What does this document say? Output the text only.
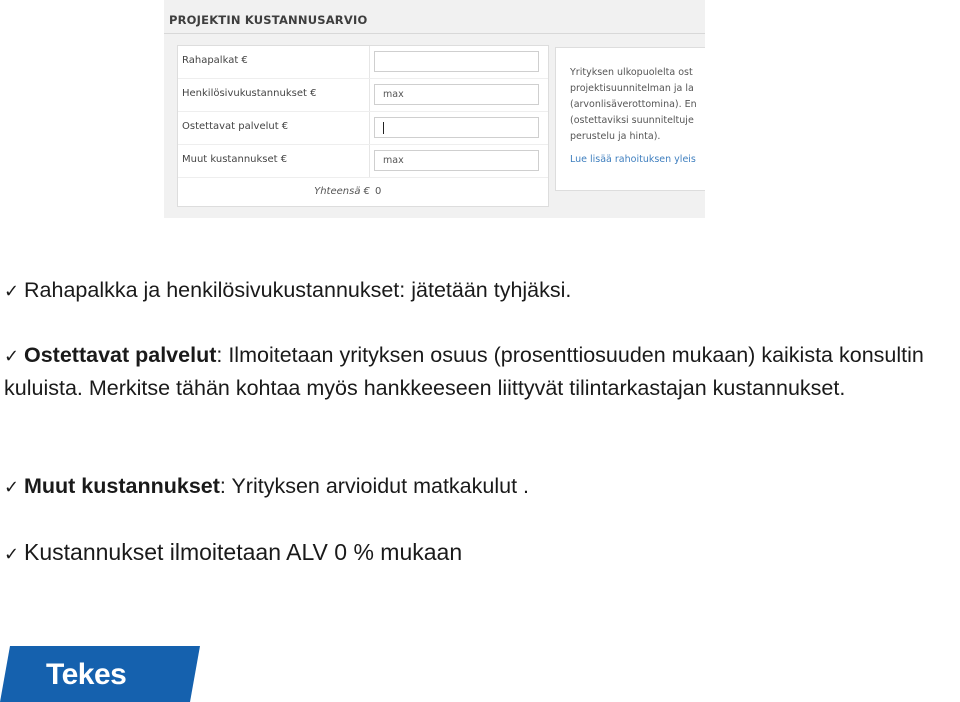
PROJEKTIN KUSTANNUSARVIO
Rahapalkat €
Henkilösivukustannukset €	max
Ostettavat palvelut €
Muut kustannukset €	max
Yhteensä € 0
Yrityksen ulkopuolelta ost
projektisuunnitelman ja la
(arvonlisäverottomina). En
(ostettaviksi suunniteltuje
perustelu ja hinta).
Lue lisää rahoituksen yleis

✓ Rahapalkka ja henkilösivukustannukset: jätetään tyhjäksi.

✓ Ostettavat palvelut: Ilmoitetaan yrityksen osuus (prosenttiosuuden mukaan) kaikista konsultin kuluista. Merkitse tähän kohtaa myös hankkeeseen liittyvät tilintarkastajan kustannukset.

✓ Muut kustannukset: Yrityksen arvioidut matkakulut .

✓ Kustannukset ilmoitetaan ALV 0 % mukaan

Tekes
